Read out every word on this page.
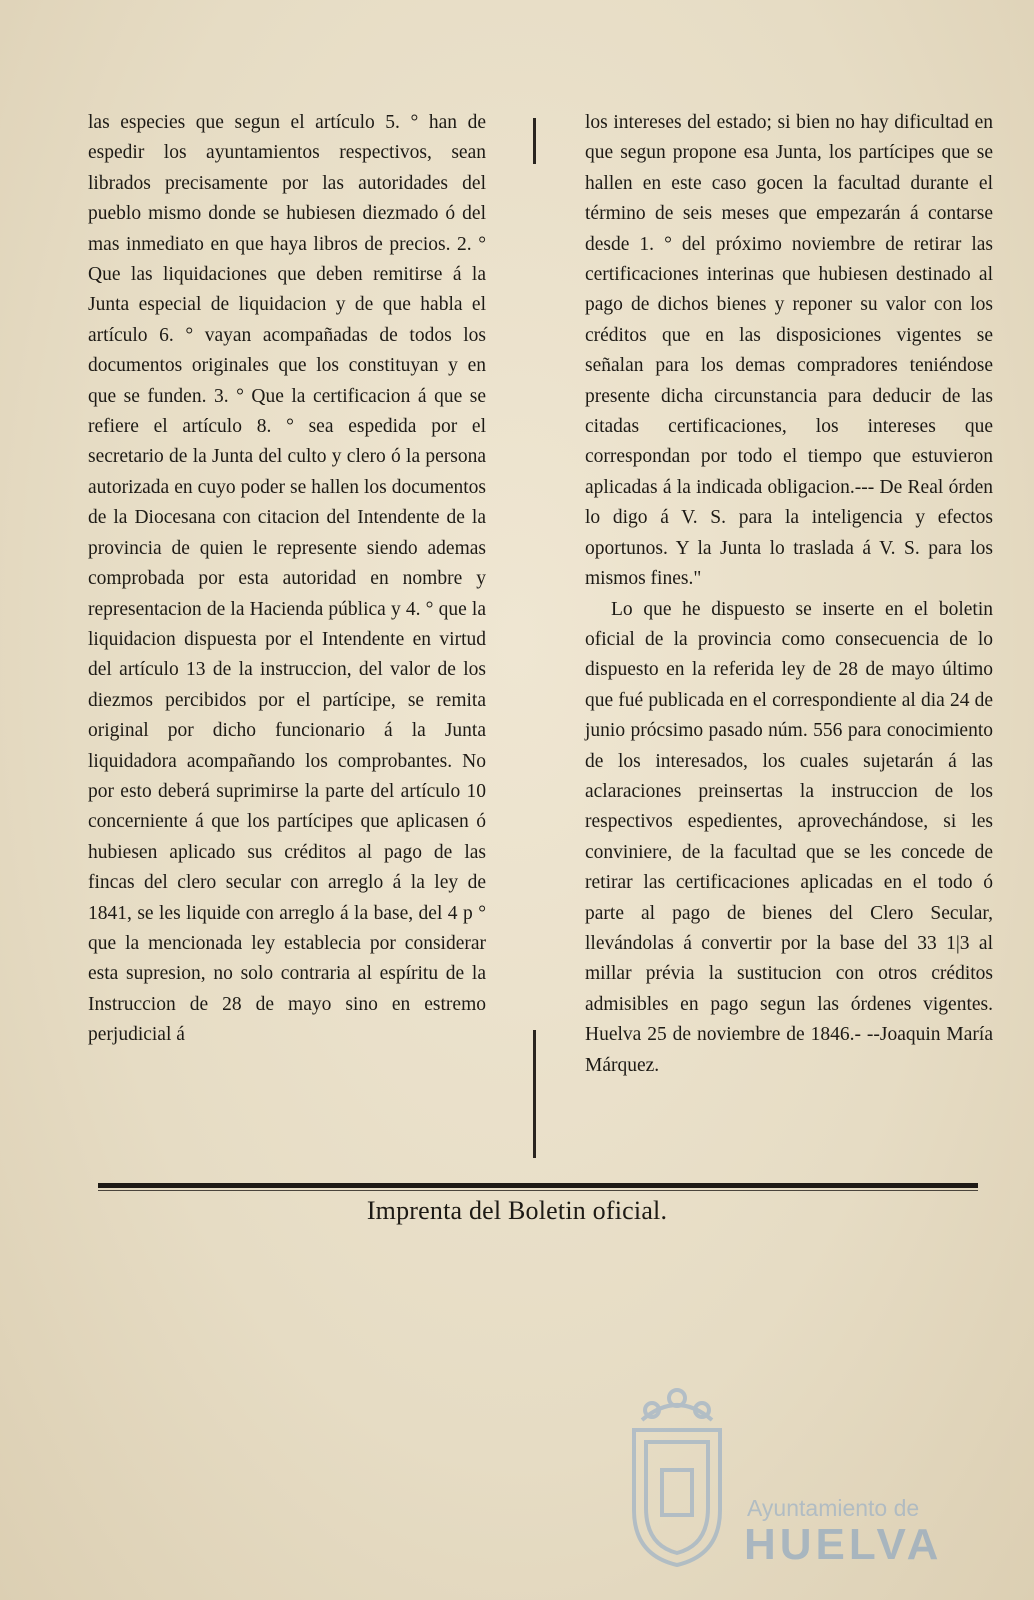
las especies que segun el artículo 5. ° han de espedir los ayuntamientos respectivos, sean librados precisamente por las autoridades del pueblo mismo donde se hubiesen diezmado ó del mas inmediato en que haya libros de precios. 2. ° Que las liquidaciones que deben remitirse á la Junta especial de liquidacion y de que habla el artículo 6. ° vayan acompañadas de todos los documentos originales que los constituyan y en que se funden. 3. ° Que la certificacion á que se refiere el artículo 8. ° sea espedida por el secretario de la Junta del culto y clero ó la persona autorizada en cuyo poder se hallen los documentos de la Diocesana con citacion del Intendente de la provincia de quien le represente siendo ademas comprobada por esta autoridad en nombre y representacion de la Hacienda pública y 4. ° que la liquidacion dispuesta por el Intendente en virtud del artículo 13 de la instruccion, del valor de los diezmos percibidos por el partícipe, se remita original por dicho funcionario á la Junta liquidadora acompañando los comprobantes. No por esto deberá suprimirse la parte del artículo 10 concerniente á que los partícipes que aplicasen ó hubiesen aplicado sus créditos al pago de las fincas del clero secular con arreglo á la ley de 1841, se les liquide con arreglo á la base, del 4 p ° que la mencionada ley establecia por considerar esta supresion, no solo contraria al espíritu de la Instruccion de 28 de mayo sino en estremo perjudicial á

los intereses del estado; si bien no hay dificultad en que segun propone esa Junta, los partícipes que se hallen en este caso gocen la facultad durante el término de seis meses que empezarán á contarse desde 1. ° del próximo noviembre de retirar las certificaciones interinas que hubiesen destinado al pago de dichos bienes y reponer su valor con los créditos que en las disposiciones vigentes se señalan para los demas compradores teniéndose presente dicha circunstancia para deducir de las citadas certificaciones, los intereses que correspondan por todo el tiempo que estuvieron aplicadas á la indicada obligacion.--- De Real órden lo digo á V. S. para la inteligencia y efectos oportunos. Y la Junta lo traslada á V. S. para los mismos fines."

Lo que he dispuesto se inserte en el boletin oficial de la provincia como consecuencia de lo dispuesto en la referida ley de 28 de mayo último que fué publicada en el correspondiente al dia 24 de junio prócsimo pasado núm. 556 para conocimiento de los interesados, los cuales sujetarán á las aclaraciones preinsertas la instruccion de los respectivos espedientes, aprovechándose, si les conviniere, de la facultad que se les concede de retirar las certificaciones aplicadas en el todo ó parte al pago de bienes del Clero Secular, llevándolas á convertir por la base del 33 1|3 al millar prévia la sustitucion con otros créditos admisibles en pago segun las órdenes vigentes. Huelva 25 de noviembre de 1846.- --Joaquin María Márquez.

Imprenta del Boletin oficial.
Ayuntamiento de
HUELVA
